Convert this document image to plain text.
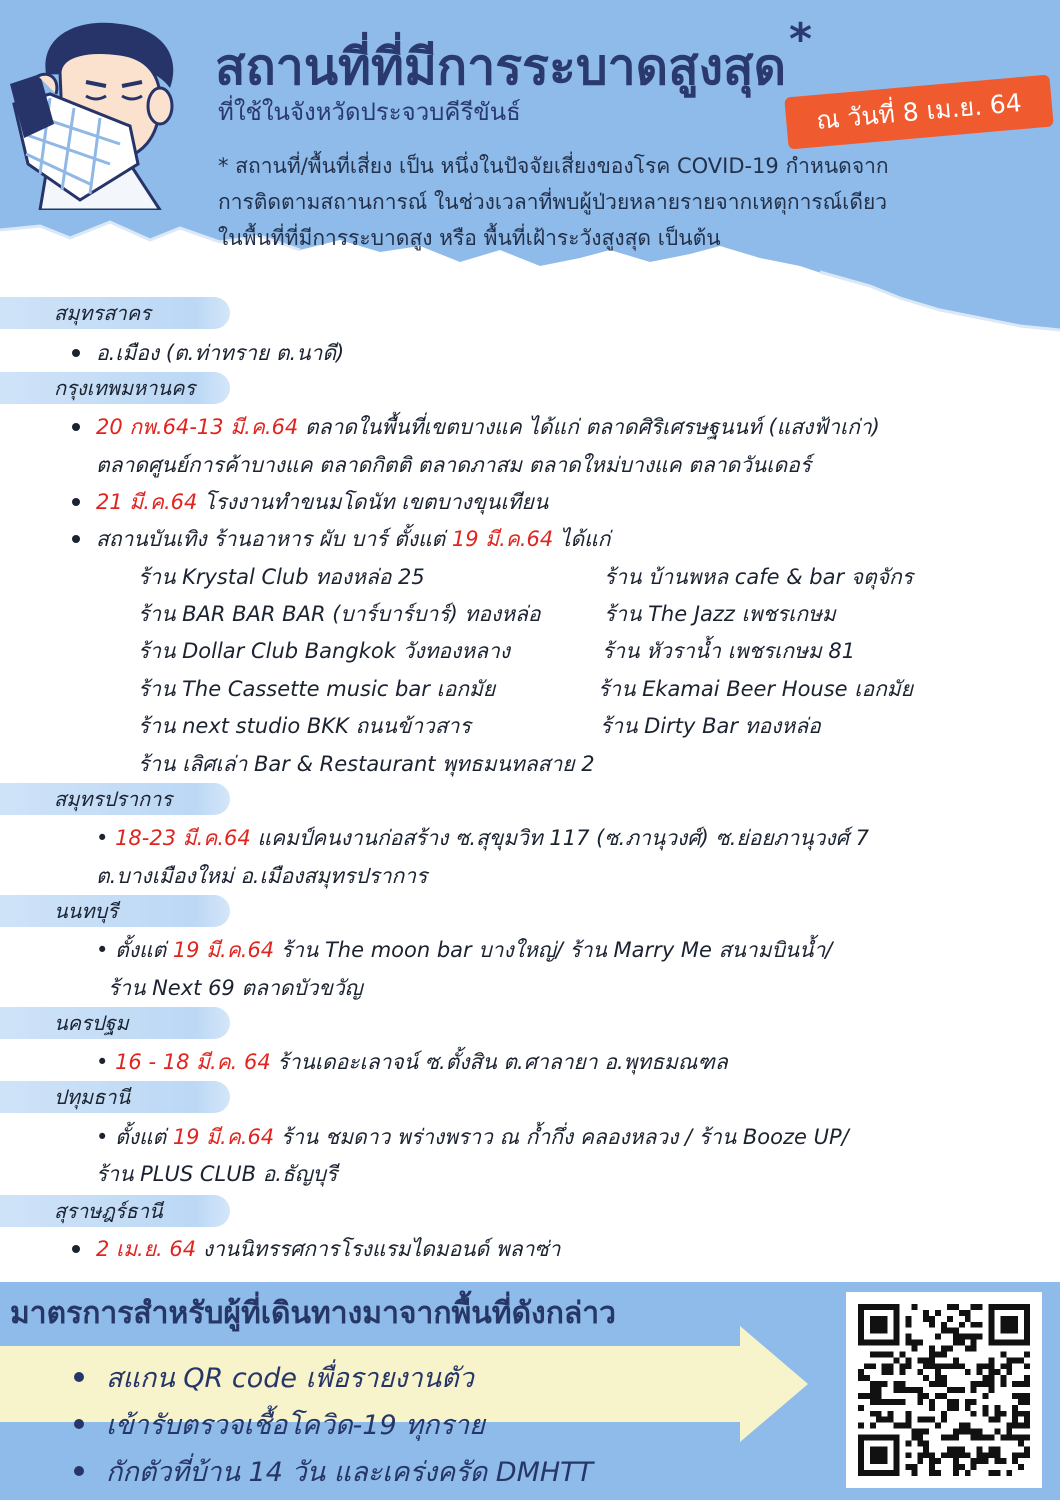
สถานที่ที่มีการระบาดสูงสุด *
ที่ใช้ในจังหวัดประจวบคีรีขันธ์	ณ วันที่ 8 เม.ย. 64
* สถานที่/พื้นที่เสี่ยง เป็น หนึ่งในปัจจัยเสี่ยงของโรค COVID-19 กำหนดจาก
การติดตามสถานการณ์ ในช่วงเวลาที่พบผู้ป่วยหลายรายจากเหตุการณ์เดียว
ในพื้นที่ที่มีการระบาดสูง หรือ พื้นที่เฝ้าระวังสูงสุด เป็นต้น
สมุทรสาคร
อ.เมือง (ต.ท่าทราย ต.นาดี)
กรุงเทพมหานคร
20 กพ.64-13 มี.ค.64 ตลาดในพื้นที่เขตบางแค ได้แก่ ตลาดศิริเศรษฐนนท์ (แสงฟ้าเก่า)
ตลาดศูนย์การค้าบางแค ตลาดกิตติ ตลาดภาสม ตลาดใหม่บางแค ตลาดวันเดอร์
21 มี.ค.64 โรงงานทำขนมโดนัท เขตบางขุนเทียน
สถานบันเทิง ร้านอาหาร ผับ บาร์ ตั้งแต่ 19 มี.ค.64 ได้แก่
ร้าน Krystal Club ทองหล่อ 25
ร้าน BAR BAR BAR (บาร์บาร์บาร์) ทองหล่อ
ร้าน Dollar Club Bangkok วังทองหลาง
ร้าน The Cassette music bar เอกมัย
ร้าน next studio BKK ถนนข้าวสาร
ร้าน เลิศเล่า Bar & Restaurant พุทธมนทลสาย 2
ร้าน บ้านพหล cafe & bar จตุจักร
ร้าน The Jazz เพชรเกษม
ร้าน หัวรานํ้า เพชรเกษม 81
ร้าน Ekamai Beer House เอกมัย
ร้าน Dirty Bar ทองหล่อ
สมุทรปราการ
• 18-23 มี.ค.64 แคมป์คนงานก่อสร้าง ซ.สุขุมวิท 117 (ซ.ภานุวงศ์) ซ.ย่อยภานุวงศ์ 7
ต.บางเมืองใหม่ อ.เมืองสมุทรปราการ
นนทบุรี
• ตั้งแต่ 19 มี.ค.64 ร้าน The moon bar บางใหญ่/ ร้าน Marry Me สนามบินน้ำ/
ร้าน Next 69 ตลาดบัวขวัญ
นครปฐม
• 16 - 18 มี.ค. 64 ร้านเดอะเลาจน์ ซ.ตั้งสิน ต.ศาลายา อ.พุทธมณฑล
ปทุมธานี
• ตั้งแต่ 19 มี.ค.64 ร้าน ชมดาว พร่างพราว ณ ก้ำกึ่ง คลองหลวง / ร้าน Booze UP/
ร้าน PLUS CLUB อ.ธัญบุรี
สุราษฎร์ธานี
2 เม.ย. 64 งานนิทรรศการโรงแรมไดมอนด์ พลาซ่า
มาตรการสำหรับผู้ที่เดินทางมาจากพื้นที่ดังกล่าว
สแกน QR code เพื่อรายงานตัว
เข้ารับตรวจเชื้อโควิด-19 ทุกราย
กักตัวที่บ้าน 14 วัน และเคร่งครัด DMHTT
